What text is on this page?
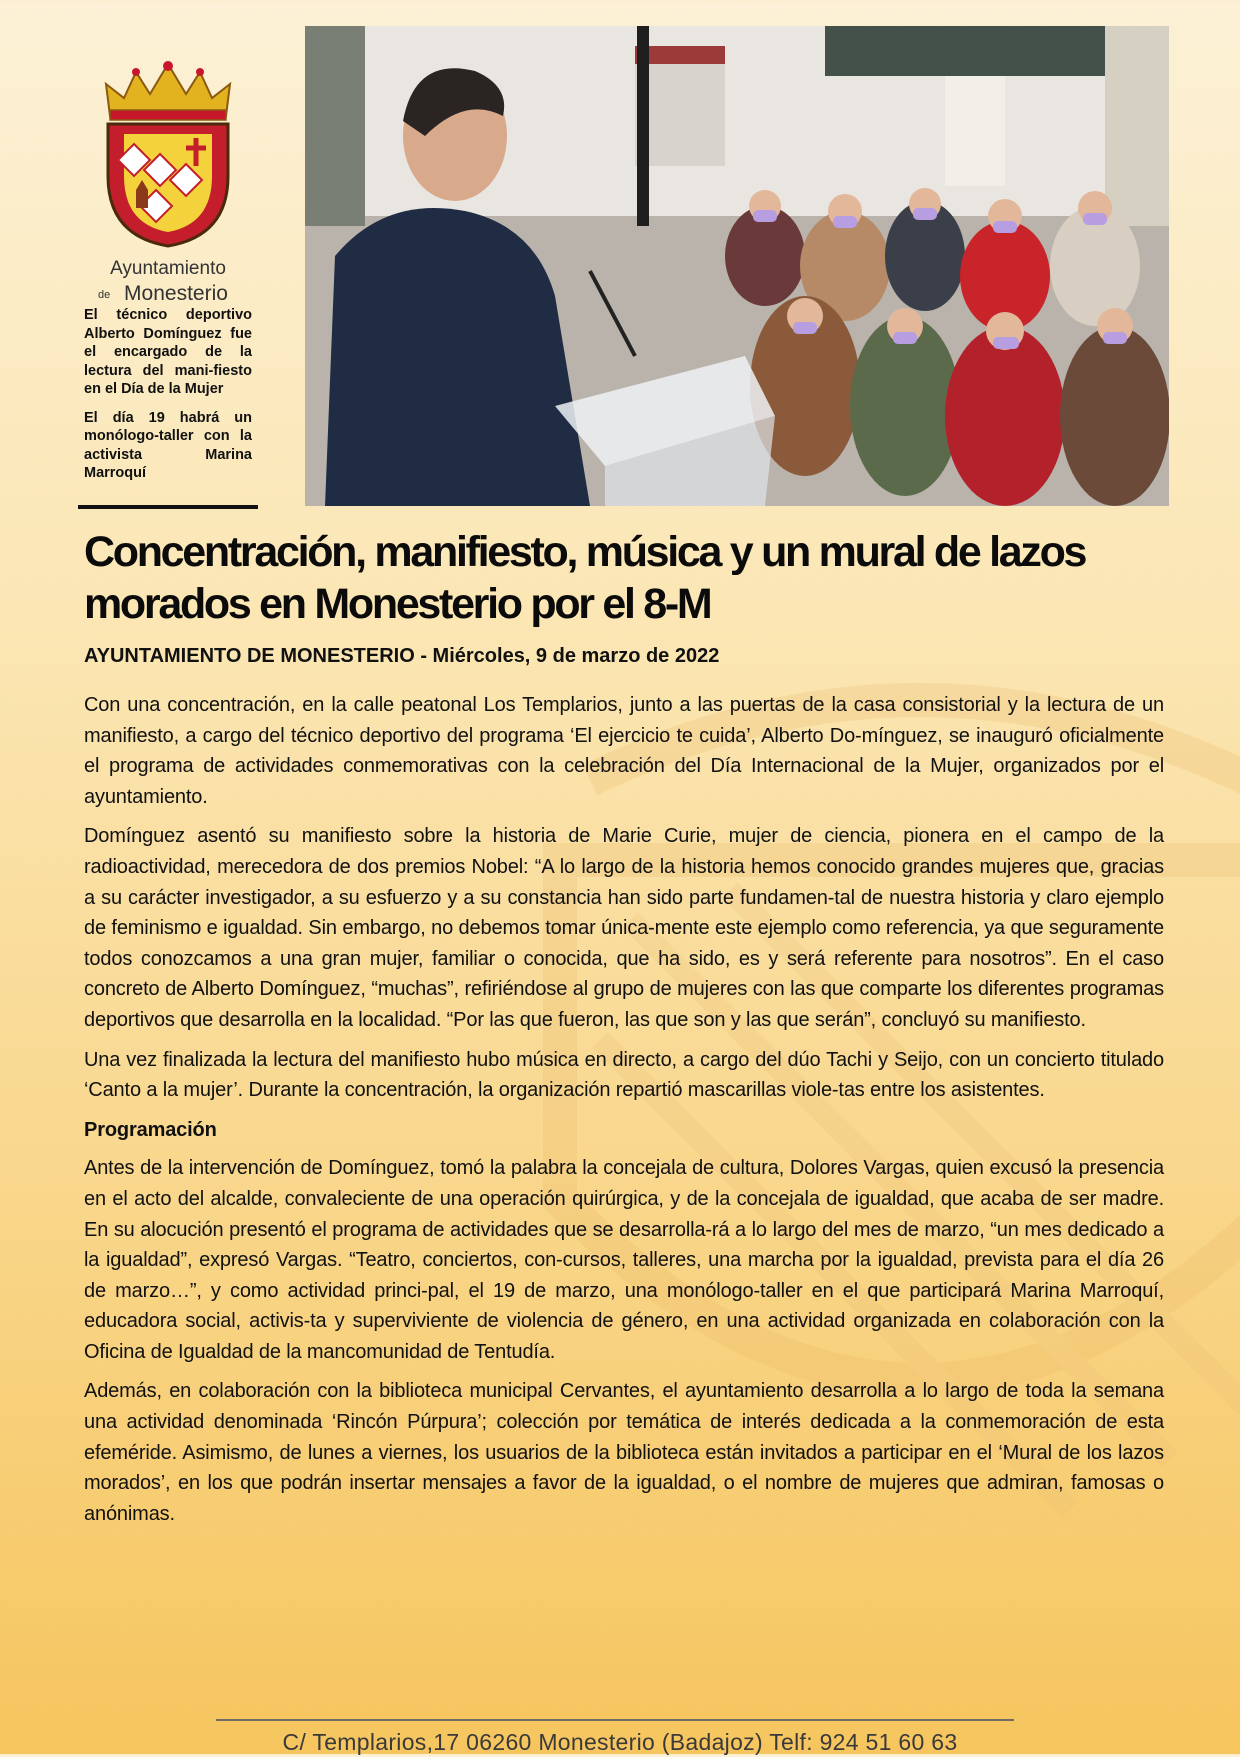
Ayuntamiento
de Monesterio

El técnico deportivo Alberto Domínguez fue el encargado de la lectura del mani-fiesto en el Día de la Mujer

El día 19 habrá un monólogo-taller con la activista Marina Marroquí

Concentración, manifiesto, música y un mural de lazos
morados en Monesterio por el 8-M

AYUNTAMIENTO DE MONESTERIO - Miércoles, 9 de marzo de 2022

Con una concentración, en la calle peatonal Los Templarios, junto a las puertas de la casa consistorial y la lectura de un manifiesto, a cargo del técnico deportivo del programa ‘El ejercicio te cuida’, Alberto Do-mínguez, se inauguró oficialmente el programa de actividades conmemorativas con la celebración del Día Internacional de la Mujer, organizados por el ayuntamiento.

Domínguez asentó su manifiesto sobre la historia de Marie Curie, mujer de ciencia, pionera en el campo de la radioactividad, merecedora de dos premios Nobel: “A lo largo de la historia hemos conocido grandes mujeres que, gracias a su carácter investigador, a su esfuerzo y a su constancia han sido parte fundamen-tal de nuestra historia y claro ejemplo de feminismo e igualdad. Sin embargo, no debemos tomar única-mente este ejemplo como referencia, ya que seguramente todos conozcamos a una gran mujer, familiar o conocida, que ha sido, es y será referente para nosotros”. En el caso concreto de Alberto Domínguez, “muchas”, refiriéndose al grupo de mujeres con las que comparte los diferentes programas deportivos que desarrolla en la localidad. “Por las que fueron, las que son y las que serán”, concluyó su manifiesto.

Una vez finalizada la lectura del manifiesto hubo música en directo, a cargo del dúo Tachi y Seijo, con un concierto titulado ‘Canto a la mujer’. Durante la concentración, la organización repartió mascarillas viole-tas entre los asistentes.

Programación

Antes de la intervención de Domínguez, tomó la palabra la concejala de cultura, Dolores Vargas, quien excusó la presencia en el acto del alcalde, convaleciente de una operación quirúrgica, y de la concejala de igualdad, que acaba de ser madre. En su alocución presentó el programa de actividades que se desarrolla-rá a lo largo del mes de marzo, “un mes dedicado a la igualdad”, expresó Vargas. “Teatro, conciertos, con-cursos, talleres, una marcha por la igualdad, prevista para el día 26 de marzo…”, y como actividad princi-pal, el 19 de marzo, una monólogo-taller en el que participará Marina Marroquí, educadora social, activis-ta y superviviente de violencia de género, en una actividad organizada en colaboración con la Oficina de Igualdad de la mancomunidad de Tentudía.

Además, en colaboración con la biblioteca municipal Cervantes, el ayuntamiento desarrolla a lo largo de toda la semana una actividad denominada ‘Rincón Púrpura’; colección por temática de interés dedicada a la conmemoración de esta efeméride. Asimismo, de lunes a viernes, los usuarios de la biblioteca están invitados a participar en el ‘Mural de los lazos morados’, en los que podrán insertar mensajes a favor de la igualdad, o el nombre de mujeres que admiran, famosas o anónimas.

C/ Templarios,17 06260 Monesterio (Badajoz) Telf: 924 51 60 63
